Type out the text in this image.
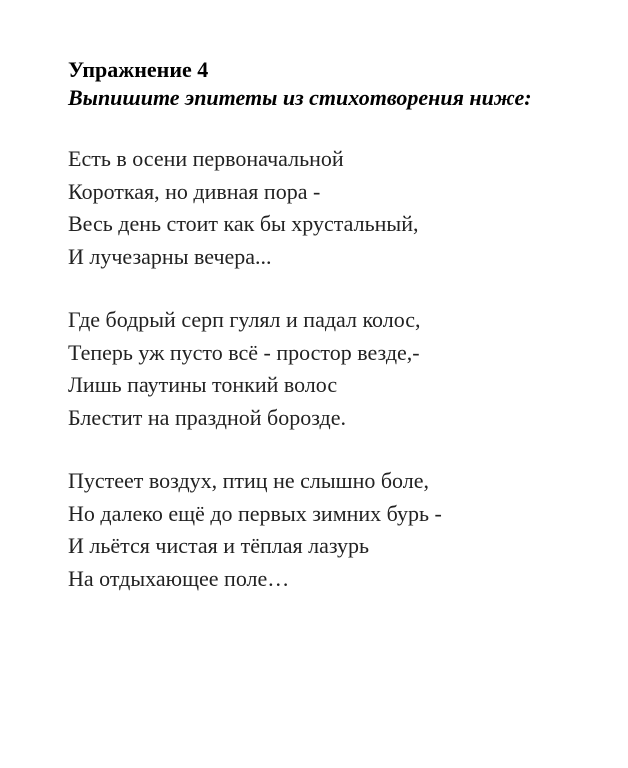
Упражнение 4

Выпишите эпитеты из стихотворения ниже:

Есть в осени первоначальной
Короткая, но дивная пора -
Весь день стоит как бы хрустальный,
И лучезарны вечера...
Где бодрый серп гулял и падал колос,
Теперь уж пусто всё - простор везде,-
Лишь паутины тонкий волос
Блестит на праздной борозде.
Пустеет воздух, птиц не слышно боле,
Но далеко ещё до первых зимних бурь -
И льётся чистая и тёплая лазурь
На отдыхающее поле…
